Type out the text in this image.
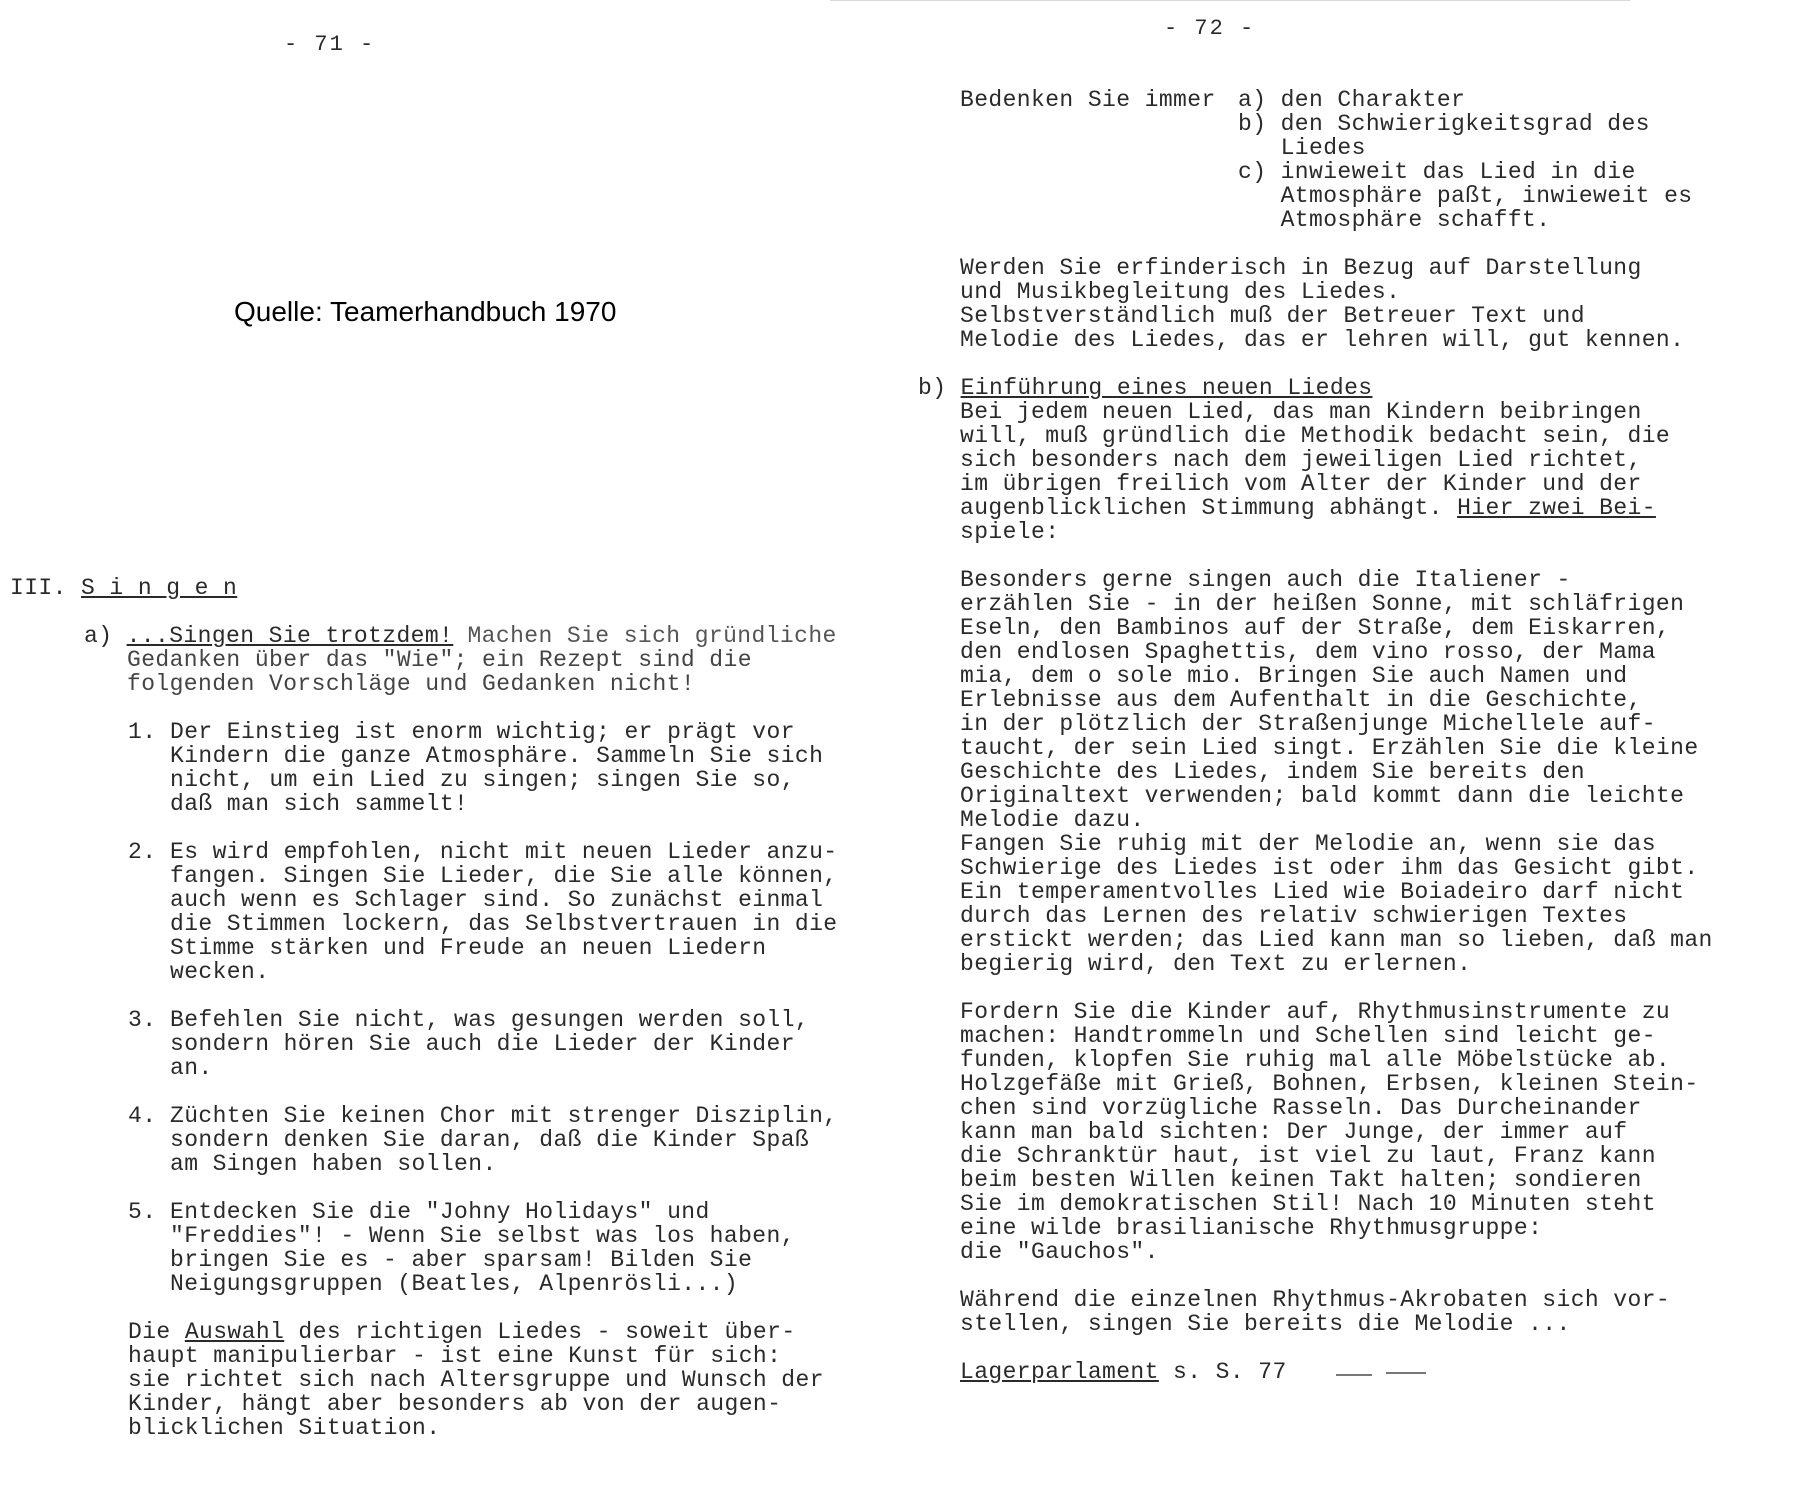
- 71 -
Quelle: Teamerhandbuch 1970
III. S i n g e n
a) ...Singen Sie trotzdem! Machen Sie sich gründliche
Gedanken über das "Wie"; ein Rezept sind die
folgenden Vorschläge und Gedanken nicht!

1.

Der Einstieg ist enorm wichtig; er prägt vor
Kindern die ganze Atmosphäre. Sammeln Sie sich
nicht, um ein Lied zu singen; singen Sie so,
daß man sich sammelt!

2.

Es wird empfohlen, nicht mit neuen Lieder anzu-
fangen. Singen Sie Lieder, die Sie alle können,
auch wenn es Schlager sind. So zunächst einmal
die Stimmen lockern, das Selbstvertrauen in die
Stimme stärken und Freude an neuen Liedern
wecken.

3.

Befehlen Sie nicht, was gesungen werden soll,
sondern hören Sie auch die Lieder der Kinder
an.

4.

Züchten Sie keinen Chor mit strenger Disziplin,
sondern denken Sie daran, daß die Kinder Spaß
am Singen haben sollen.

5.

Entdecken Sie die "Johny Holidays" und
"Freddies"! - Wenn Sie selbst was los haben,
bringen Sie es - aber sparsam! Bilden Sie
Neigungsgruppen (Beatles, Alpenrösli...)

Die Auswahl des richtigen Liedes - soweit über-
haupt manipulierbar - ist eine Kunst für sich:
sie richtet sich nach Altersgruppe und Wunsch der
Kinder, hängt aber besonders ab von der augen-
blicklichen Situation.
- 72 -
Bedenken Sie immer a) den Charakter
b) den Schwierigkeitsgrad des
Liedes
c) inwieweit das Lied in die
Atmosphäre paßt, inwieweit es
Atmosphäre schafft.
Werden Sie erfinderisch in Bezug auf Darstellung
und Musikbegleitung des Liedes.
Selbstverständlich muß der Betreuer Text und
Melodie des Liedes, das er lehren will, gut kennen.
b) Einführung eines neuen Liedes
Bei jedem neuen Lied, das man Kindern beibringen
will, muß gründlich die Methodik bedacht sein, die
sich besonders nach dem jeweiligen Lied richtet,
im übrigen freilich vom Alter der Kinder und der
augenblicklichen Stimmung abhängt. Hier zwei Bei-
spiele:
Besonders gerne singen auch die Italiener -
erzählen Sie - in der heißen Sonne, mit schläfrigen
Eseln, den Bambinos auf der Straße, dem Eiskarren,
den endlosen Spaghettis, dem vino rosso, der Mama
mia, dem o sole mio. Bringen Sie auch Namen und
Erlebnisse aus dem Aufenthalt in die Geschichte,
in der plötzlich der Straßenjunge Michellele auf-
taucht, der sein Lied singt. Erzählen Sie die kleine
Geschichte des Liedes, indem Sie bereits den
Originaltext verwenden; bald kommt dann die leichte
Melodie dazu.
Fangen Sie ruhig mit der Melodie an, wenn sie das
Schwierige des Liedes ist oder ihm das Gesicht gibt.
Ein temperamentvolles Lied wie Boiadeiro darf nicht
durch das Lernen des relativ schwierigen Textes
erstickt werden; das Lied kann man so lieben, daß man
begierig wird, den Text zu erlernen.
Fordern Sie die Kinder auf, Rhythmusinstrumente zu
machen: Handtrommeln und Schellen sind leicht ge-
funden, klopfen Sie ruhig mal alle Möbelstücke ab.
Holzgefäße mit Grieß, Bohnen, Erbsen, kleinen Stein-
chen sind vorzügliche Rasseln. Das Durcheinander
kann man bald sichten: Der Junge, der immer auf
die Schranktür haut, ist viel zu laut, Franz kann
beim besten Willen keinen Takt halten; sondieren
Sie im demokratischen Stil! Nach 10 Minuten steht
eine wilde brasilianische Rhythmusgruppe:
die "Gauchos".
Während die einzelnen Rhythmus-Akrobaten sich vor-
stellen, singen Sie bereits die Melodie ...
Lagerparlament s. S. 77
